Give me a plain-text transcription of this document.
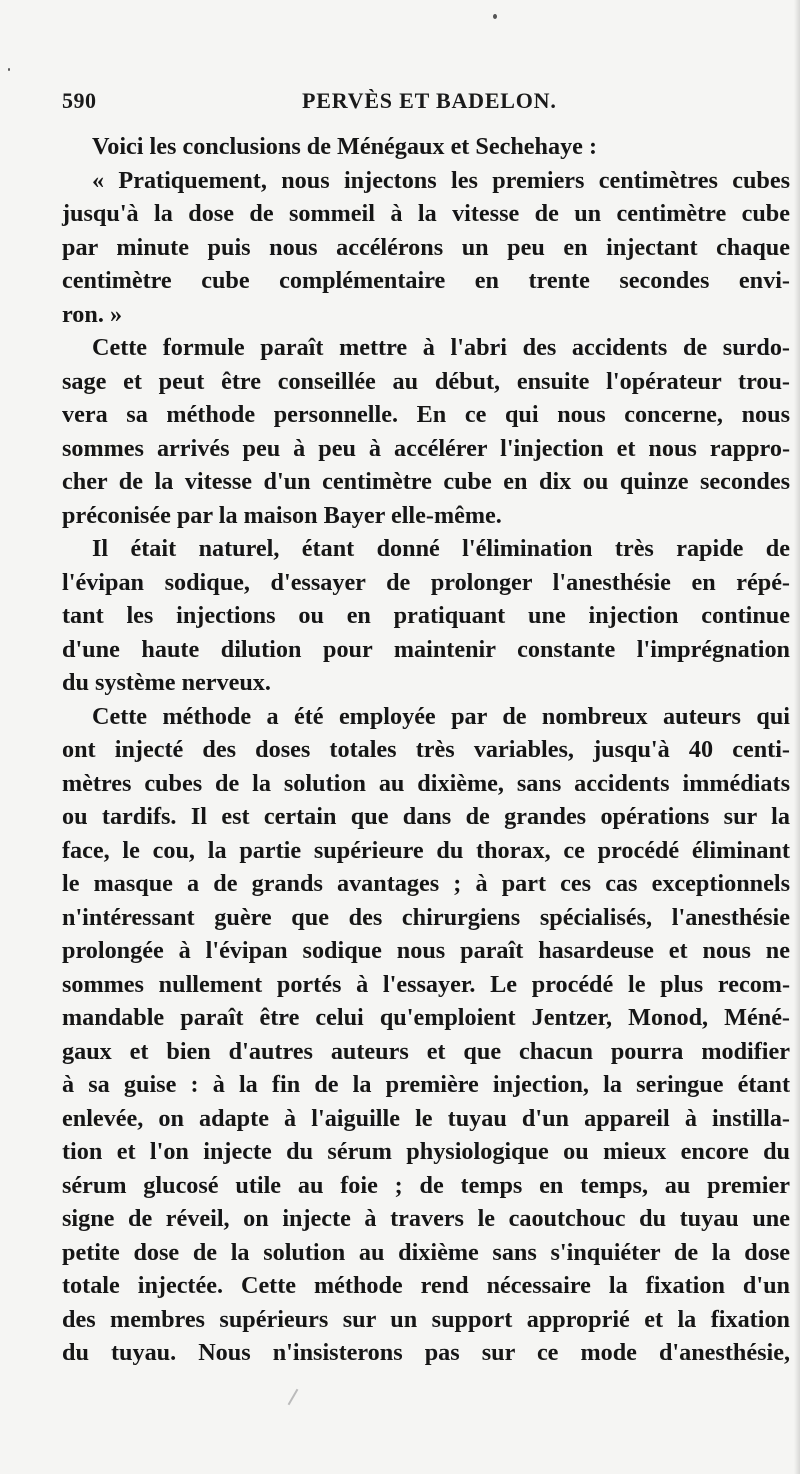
590	PERVÈS ET BADELON.
Voici les conclusions de Ménégaux et Sechehaye :
« Pratiquement, nous injectons les premiers centimètres cubes
jusqu'à la dose de sommeil à la vitesse de un centimètre cube
par minute puis nous accélérons un peu en injectant chaque
centimètre cube complémentaire en trente secondes envi-
ron. »
Cette formule paraît mettre à l'abri des accidents de surdo-
sage et peut être conseillée au début, ensuite l'opérateur trou-
vera sa méthode personnelle. En ce qui nous concerne, nous
sommes arrivés peu à peu à accélérer l'injection et nous rappro-
cher de la vitesse d'un centimètre cube en dix ou quinze secondes
préconisée par la maison Bayer elle-même.
Il était naturel, étant donné l'élimination très rapide de
l'évipan sodique, d'essayer de prolonger l'anesthésie en répé-
tant les injections ou en pratiquant une injection continue
d'une haute dilution pour maintenir constante l'imprégnation
du système nerveux.
Cette méthode a été employée par de nombreux auteurs qui
ont injecté des doses totales très variables, jusqu'à 40 centi-
mètres cubes de la solution au dixième, sans accidents immédiats
ou tardifs. Il est certain que dans de grandes opérations sur la
face, le cou, la partie supérieure du thorax, ce procédé éliminant
le masque a de grands avantages ; à part ces cas exceptionnels
n'intéressant guère que des chirurgiens spécialisés, l'anesthésie
prolongée à l'évipan sodique nous paraît hasardeuse et nous ne
sommes nullement portés à l'essayer. Le procédé le plus recom-
mandable paraît être celui qu'emploient Jentzer, Monod, Méné-
gaux et bien d'autres auteurs et que chacun pourra modifier
à sa guise : à la fin de la première injection, la seringue étant
enlevée, on adapte à l'aiguille le tuyau d'un appareil à instilla-
tion et l'on injecte du sérum physiologique ou mieux encore du
sérum glucosé utile au foie ; de temps en temps, au premier
signe de réveil, on injecte à travers le caoutchouc du tuyau une
petite dose de la solution au dixième sans s'inquiéter de la dose
totale injectée. Cette méthode rend nécessaire la fixation d'un
des membres supérieurs sur un support approprié et la fixation
du tuyau. Nous n'insisterons pas sur ce mode d'anesthésie,
